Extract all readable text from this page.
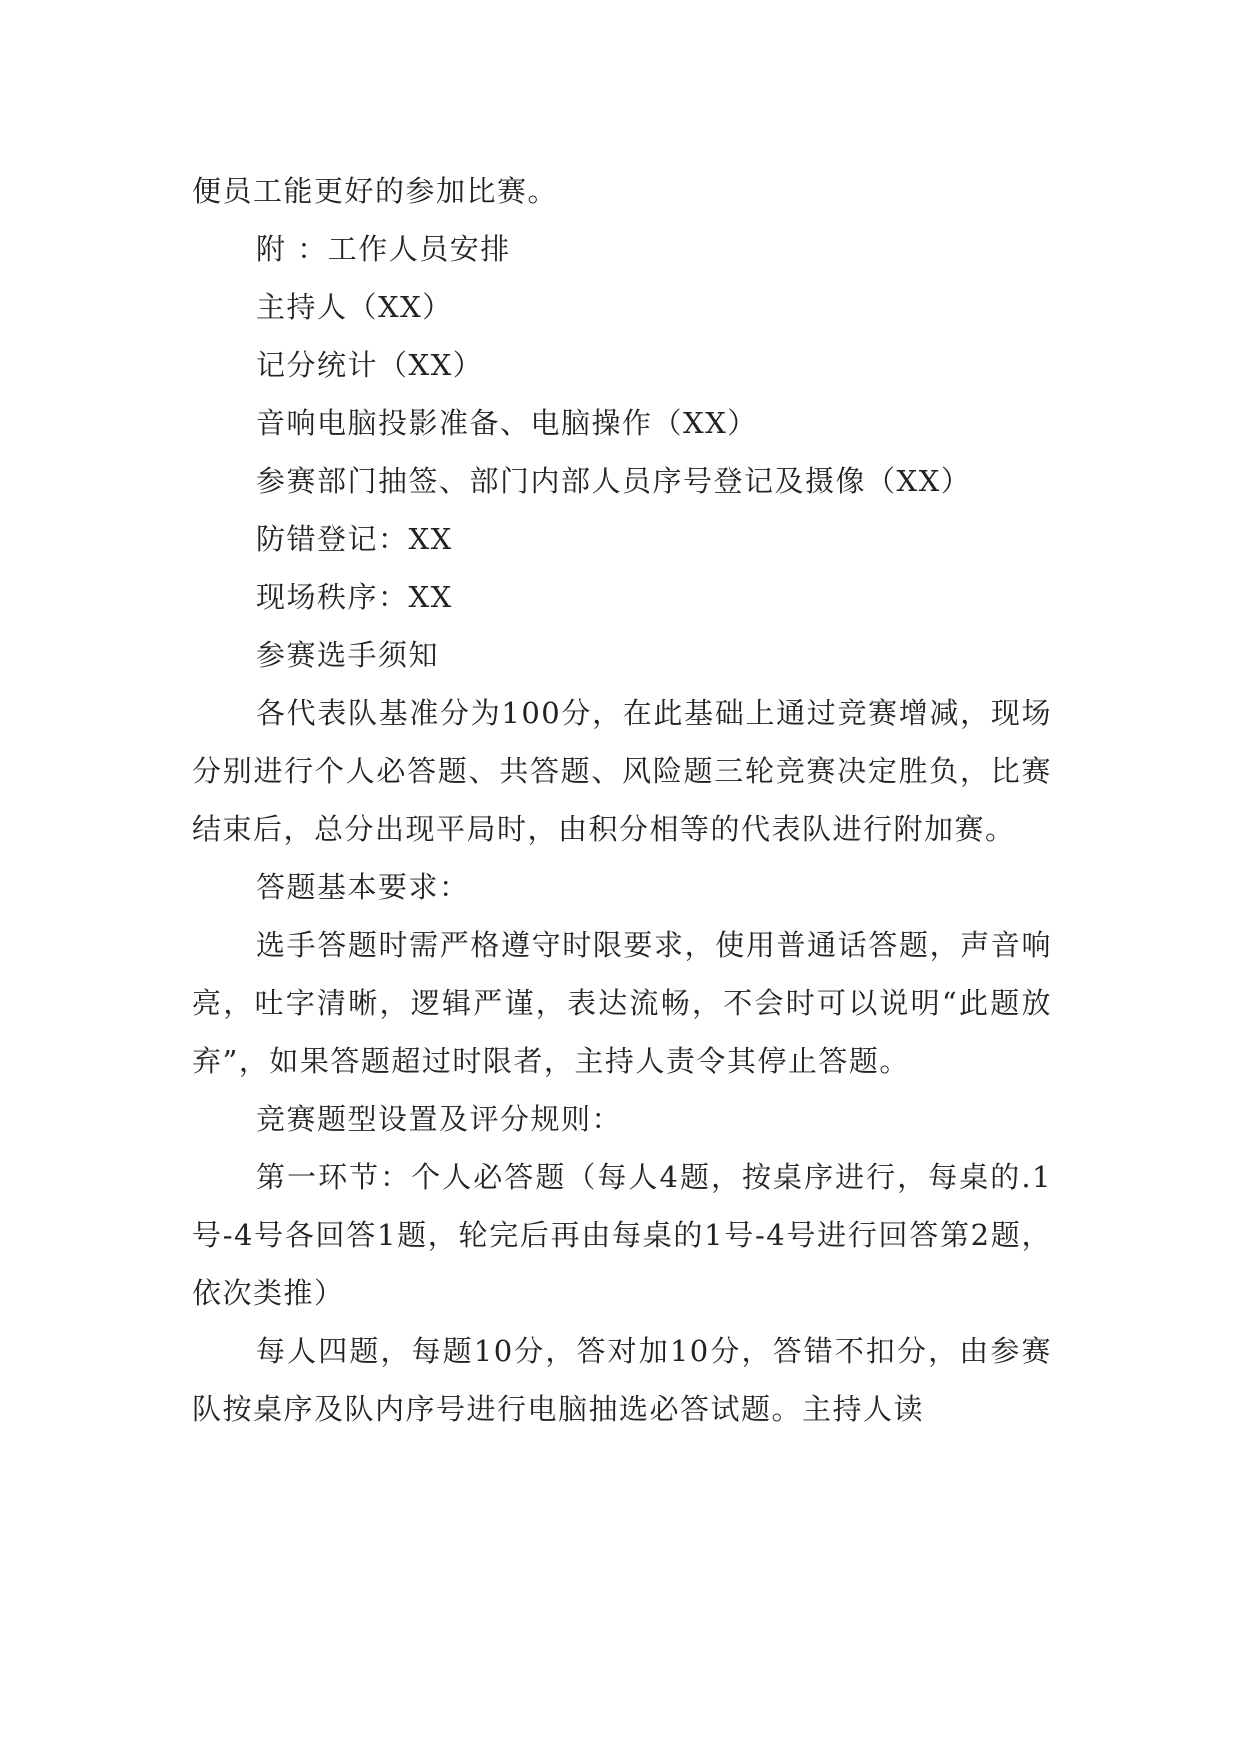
便员工能更好的参加比赛。

附 ：工作人员安排

主持人（XX）

记分统计（XX）

音响电脑投影准备、电脑操作（XX）

参赛部门抽签、部门内部人员序号登记及摄像（XX）

防错登记：XX

现场秩序：XX

参赛选手须知

各代表队基准分为100分，在此基础上通过竞赛增减，现场分别进行个人必答题、共答题、风险题三轮竞赛决定胜负，比赛结束后，总分出现平局时，由积分相等的代表队进行附加赛。

答题基本要求：

选手答题时需严格遵守时限要求，使用普通话答题，声音响亮，吐字清晰，逻辑严谨，表达流畅，不会时可以说明“此题放弃”，如果答题超过时限者，主持人责令其停止答题。

竞赛题型设置及评分规则：

第一环节：个人必答题（每人4题，按桌序进行，每桌的.1号-4号各回答1题，轮完后再由每桌的1号-4号进行回答第2题，依次类推）

每人四题，每题10分，答对加10分，答错不扣分，由参赛队按桌序及队内序号进行电脑抽选必答试题。主持人读
